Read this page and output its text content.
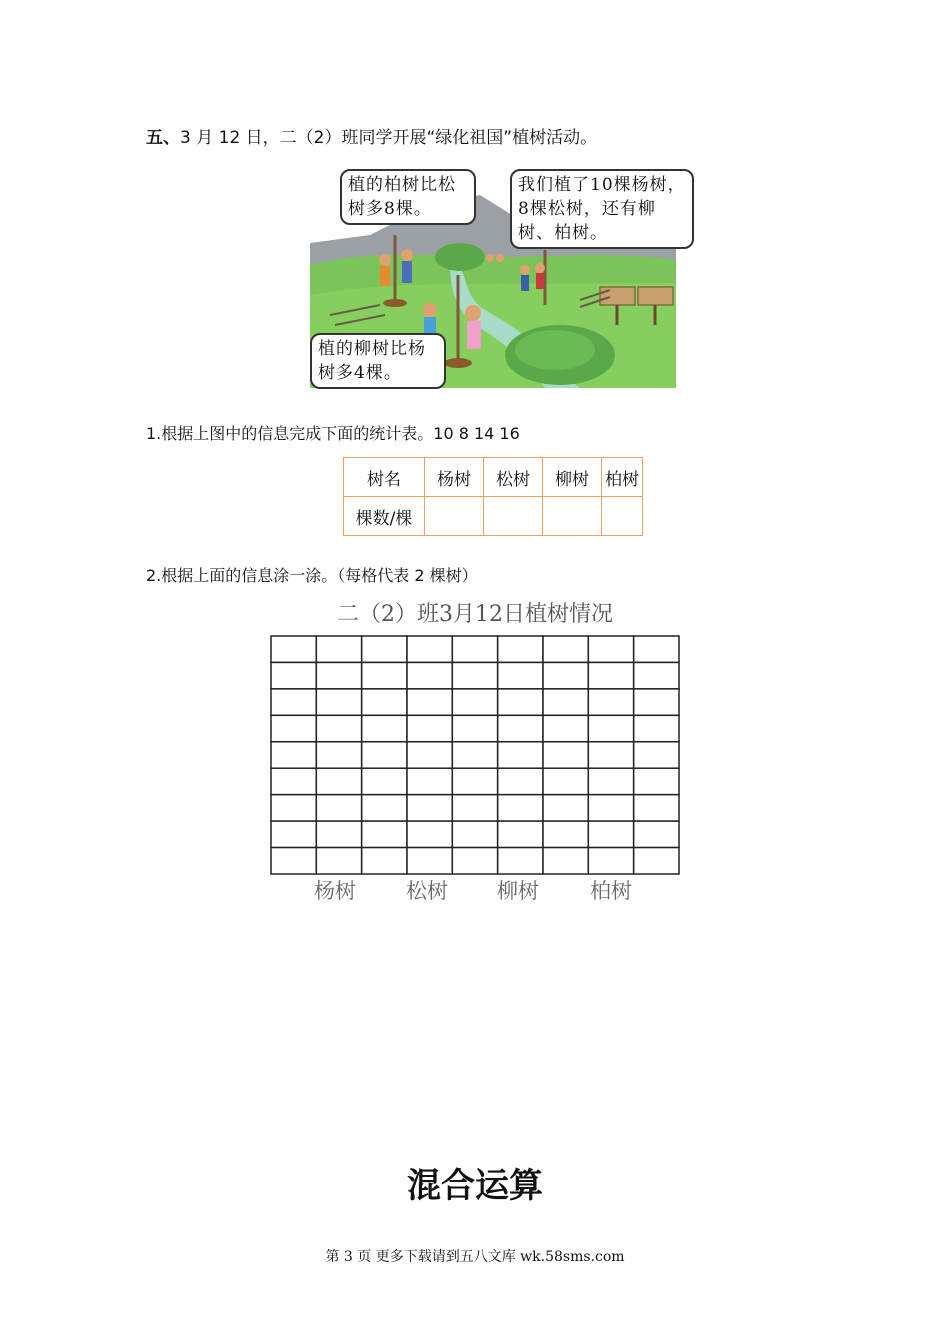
五、3 月 12 日，二（2）班同学开展“绿化祖国”植树活动。
植的柏树比松树多8棵。
我们植了10棵杨树，8棵松树，还有柳树、柏树。
植的柳树比杨树多4棵。
1.根据上图中的信息完成下面的统计表。10 8 14 16
树名	杨树	松树	柳树	柏树
棵数/棵				
2.根据上面的信息涂一涂。（每格代表 2 棵树）
二（2）班3月12日植树情况
杨树 松树 柳树 柏树
混合运算
第 3 页 更多下载请到五八文库 wk.58sms.com
